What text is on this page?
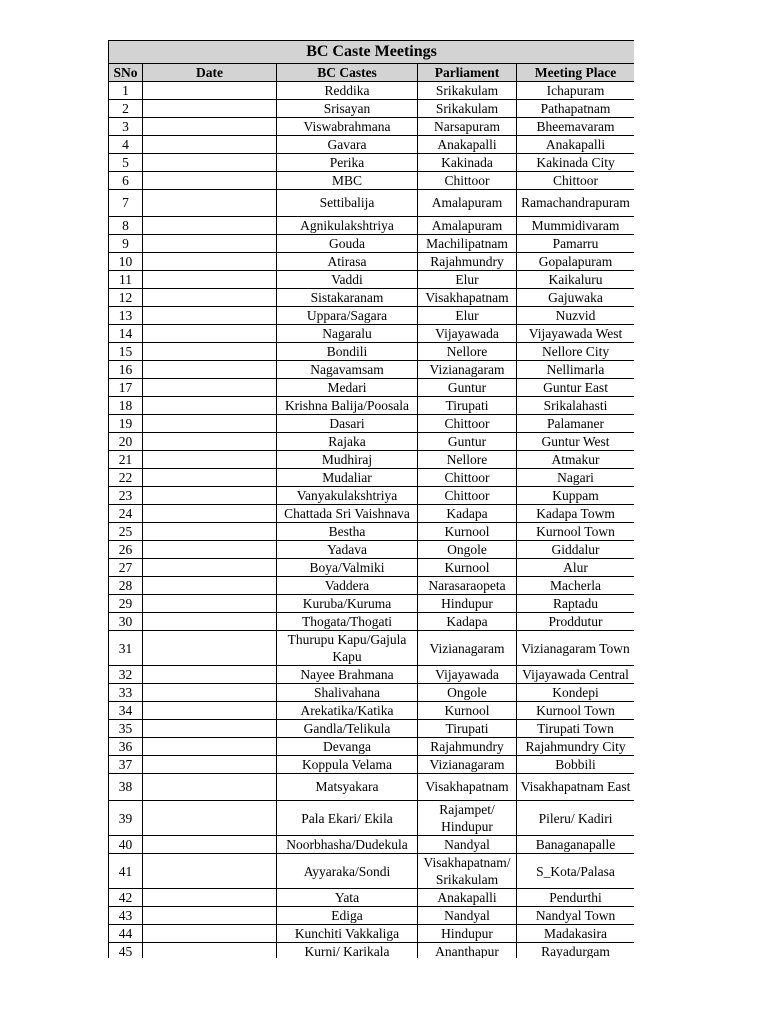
BC Caste Meetings				
SNo	Date	BC Castes	Parliament	Meeting Place
1		Reddika	Srikakulam	Ichapuram
2		Srisayan	Srikakulam	Pathapatnam
3		Viswabrahmana	Narsapuram	Bheemavaram
4		Gavara	Anakapalli	Anakapalli
5		Perika	Kakinada	Kakinada City
6		MBC	Chittoor	Chittoor
7		Settibalija	Amalapuram	Ramachandrapuram
8		Agnikulakshtriya	Amalapuram	Mummidivaram
9		Gouda	Machilipatnam	Pamarru
10		Atirasa	Rajahmundry	Gopalapuram
11		Vaddi	Elur	Kaikaluru
12		Sistakaranam	Visakhapatnam	Gajuwaka
13		Uppara/Sagara	Elur	Nuzvid
14		Nagaralu	Vijayawada	Vijayawada West
15		Bondili	Nellore	Nellore City
16		Nagavamsam	Vizianagaram	Nellimarla
17		Medari	Guntur	Guntur East
18		Krishna Balija/Poosala	Tirupati	Srikalahasti
19		Dasari	Chittoor	Palamaner
20		Rajaka	Guntur	Guntur West
21		Mudhiraj	Nellore	Atmakur
22		Mudaliar	Chittoor	Nagari
23		Vanyakulakshtriya	Chittoor	Kuppam
24		Chattada Sri Vaishnava	Kadapa	Kadapa Towm
25		Bestha	Kurnool	Kurnool Town
26		Yadava	Ongole	Giddalur
27		Boya/Valmiki	Kurnool	Alur
28		Vaddera	Narasaraopeta	Macherla
29		Kuruba/Kuruma	Hindupur	Raptadu
30		Thogata/Thogati	Kadapa	Proddutur
31		Thurupu Kapu/Gajula Kapu	Vizianagaram	Vizianagaram Town
32		Nayee Brahmana	Vijayawada	Vijayawada Central
33		Shalivahana	Ongole	Kondepi
34		Arekatika/Katika	Kurnool	Kurnool Town
35		Gandla/Telikula	Tirupati	Tirupati Town
36		Devanga	Rajahmundry	Rajahmundry City
37		Koppula Velama	Vizianagaram	Bobbili
38		Matsyakara	Visakhapatnam	Visakhapatnam East
39		Pala Ekari/ Ekila	Rajampet/ Hindupur	Pileru/ Kadiri
40		Noorbhasha/Dudekula	Nandyal	Banaganapalle
41		Ayyaraka/Sondi	Visakhapatnam/ Srikakulam	S_Kota/Palasa
42		Yata	Anakapalli	Pendurthi
43		Ediga	Nandyal	Nandyal Town
44		Kunchiti Vakkaliga	Hindupur	Madakasira
45		Kurni/ Karikala	Ananthapur	Rayadurgam
